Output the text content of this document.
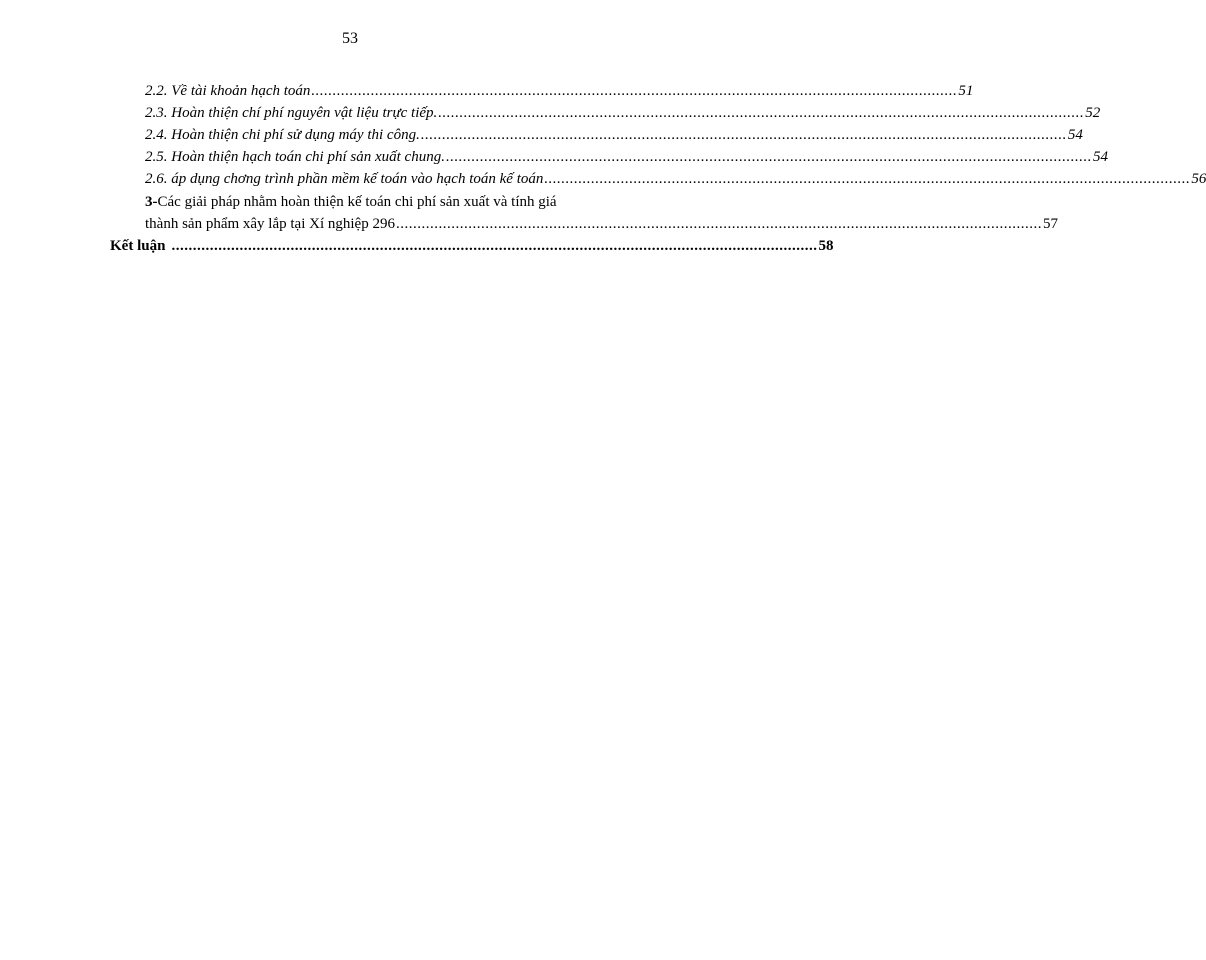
53
2.2. Về tài khoản hạch toán ........................................................................................................................................................ 51
2.3. Hoàn thiện chí phí nguyên vật liệu trực tiếp. ........................................................................................................................................................ 52
2.4. Hoàn thiện chi phí sử dụng máy thi công. ........................................................................................................................................................ 54
2.5. Hoàn thiện hạch toán chi phí sản xuất chung. ........................................................................................................................................................ 54
2.6. áp dụng chơng trình phần mềm kế toán vào hạch toán kế toán ........................................................................................................................................................ 56
3-Các giải pháp nhằm hoàn thiện kế toán chi phí sản xuất và tính giá
thành sản phẩm xây lắp tại Xí nghiệp 296 ........................................................................................................................................................ 57
Kết luận ........................................................................................................................................................ 58
